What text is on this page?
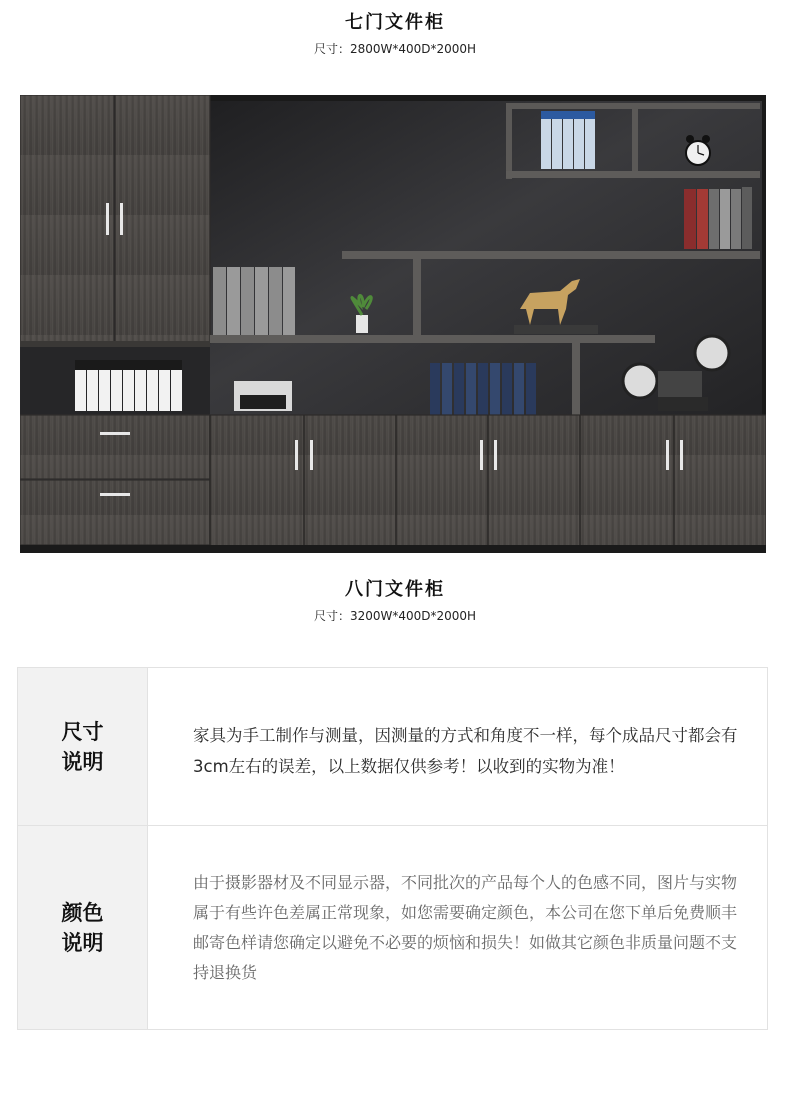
七门文件柜
尺寸：2800W*400D*2000H
八门文件柜
尺寸：3200W*400D*2000H
尺寸说明
家具为手工制作与测量，因测量的方式和角度不一样，每个成品尺寸都会有3cm左右的误差，以上数据仅供参考！以收到的实物为准！
颜色说明
由于摄影器材及不同显示器，不同批次的产品每个人的色感不同，图片与实物属于有些许色差属正常现象，如您需要确定颜色，本公司在您下单后免费顺丰邮寄色样请您确定以避免不必要的烦恼和损失！如做其它颜色非质量问题不支持退换货
